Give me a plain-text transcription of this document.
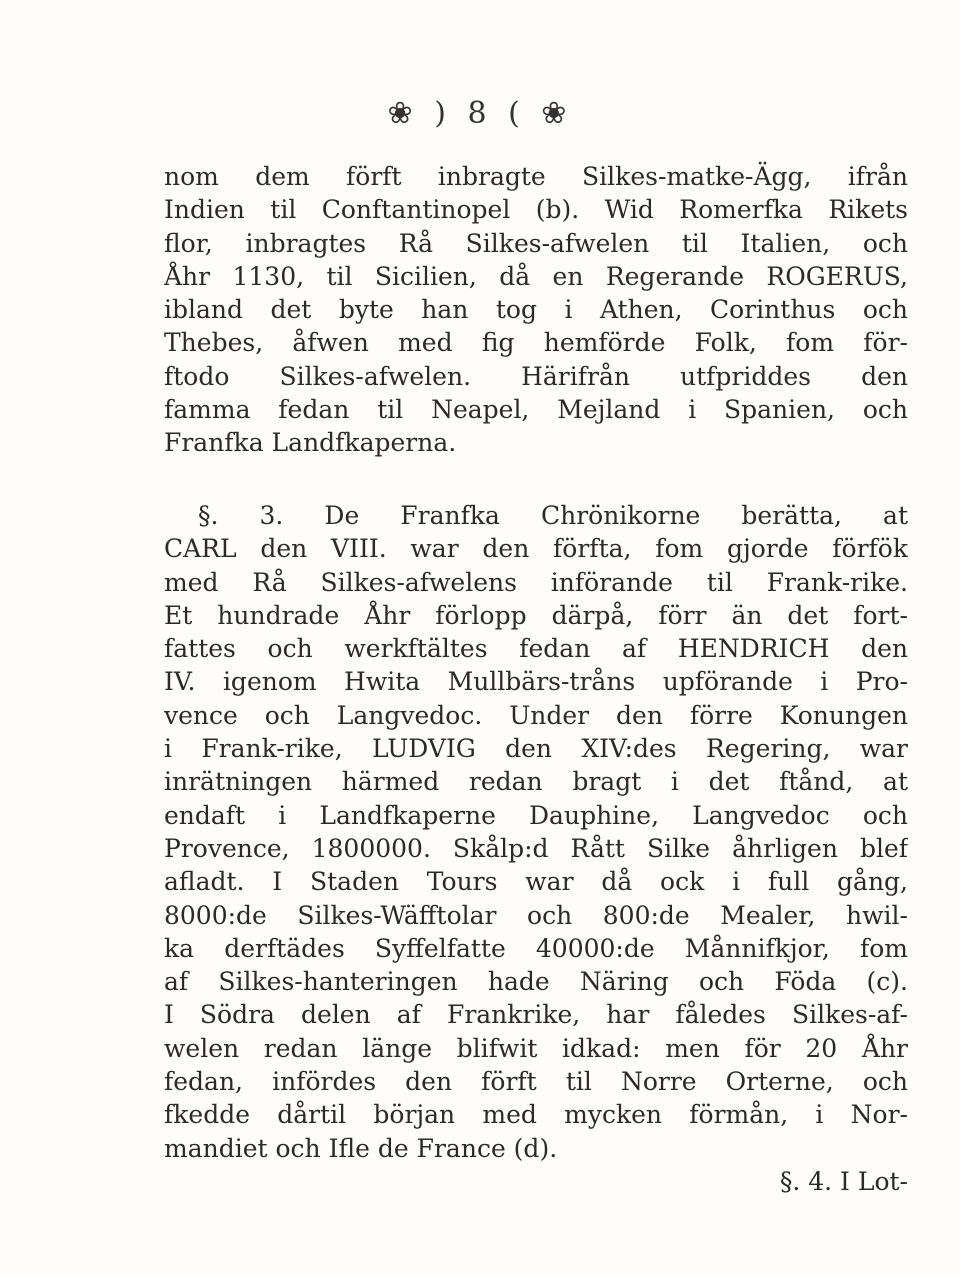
❀ ) 8 ( ❀
nom dem förft inbragte Silkes-matke-Ägg, ifrån
Indien til Conftantinopel (b). Wid Romerfka Rikets
flor, inbragtes Rå Silkes-afwelen til Italien, och
Åhr 1130, til Sicilien, då en Regerande ROGERUS,
ibland det byte han tog i Athen, Corinthus och
Thebes, åfwen med fig hemförde Folk, fom för-
ftodo Silkes-afwelen. Härifrån utfpriddes den
famma fedan til Neapel, Mejland i Spanien, och
Franfka Landfkaperna.
§. 3. De Franfka Chrönikorne berätta, at
CARL den VIII. war den förfta, fom gjorde förfök
med Rå Silkes-afwelens införande til Frank-rike.
Et hundrade Åhr förlopp därpå, förr än det fort-
fattes och werkftältes fedan af HENDRICH den
IV. igenom Hwita Mullbärs-tråns upförande i Pro-
vence och Langvedoc. Under den förre Konungen
i Frank-rike, LUDVIG den XIV:des Regering, war
inrätningen härmed redan bragt i det ftånd, at
endaft i Landfkaperne Dauphine, Langvedoc och
Provence, 1800000. Skålp:d Rått Silke åhrligen blef
afladt. I Staden Tours war då ock i full gång,
8000:de Silkes-Wäfftolar och 800:de Mealer, hwil-
ka derftädes Syffelfatte 40000:de Månnifkjor, fom
af Silkes-hanteringen hade Näring och Föda (c).
I Södra delen af Frankrike, har fåledes Silkes-af-
welen redan länge blifwit idkad: men för 20 Åhr
fedan, infördes den förft til Norre Orterne, och
fkedde dårtil början med mycken förmån, i Nor-
mandiet och Ifle de France (d).
§. 4. I Lot-
